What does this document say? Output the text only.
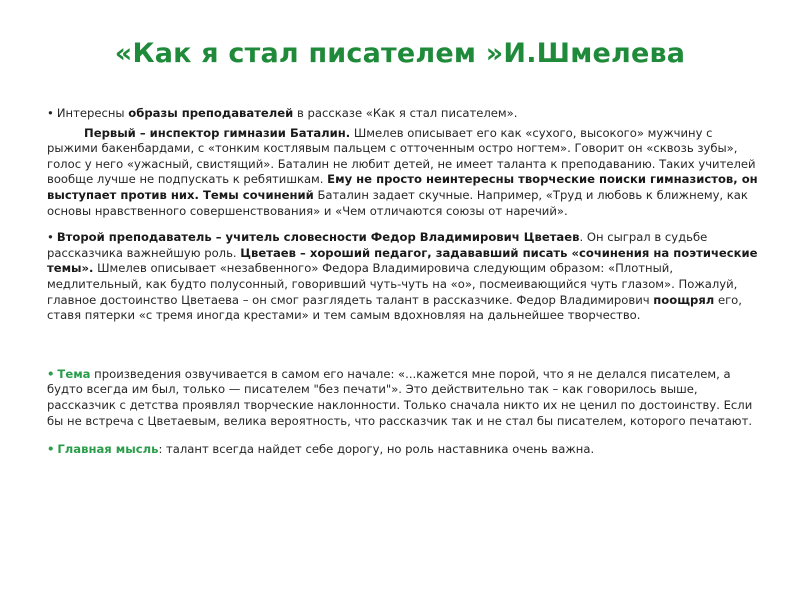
«Как я стал писателем »И.Шмелева

• Интересны образы преподавателей в рассказе «Как я стал писателем».

Первый – инспектор гимназии Баталин. Шмелев описывает его как «сухого, высокого» мужчину с рыжими бакенбардами, с «тонким костлявым пальцем с отточенным остро ногтем». Говорит он «сквозь зубы», голос у него «ужасный, свистящий». Баталин не любит детей, не имеет таланта к преподаванию. Таких учителей вообще лучше не подпускать к ребятишкам. Ему не просто неинтересны творческие поиски гимназистов, он выступает против них. Темы сочинений Баталин задает скучные. Например, «Труд и любовь к ближнему, как основы нравственного совершенствования» и «Чем отличаются союзы от наречий».

• Второй преподаватель – учитель словесности Федор Владимирович Цветаев. Он сыграл в судьбе рассказчика важнейшую роль. Цветаев – хороший педагог, задававший писать «сочинения на поэтические темы». Шмелев описывает «незабвенного» Федора Владимировича следующим образом: «Плотный, медлительный, как будто полусонный, говоривший чуть-чуть на «о», посмеивающийся чуть глазом». Пожалуй, главное достоинство Цветаева – он смог разглядеть талант в рассказчике. Федор Владимирович поощрял его, ставя пятерки «с тремя иногда крестами» и тем самым вдохновляя на дальнейшее творчество.

• Тема произведения озвучивается в самом его начале: «...кажется мне порой, что я не делался писателем, а будто всегда им был, только — писателем "без печати"». Это действительно так – как говорилось выше, рассказчик с детства проявлял творческие наклонности. Только сначала никто их не ценил по достоинству. Если бы не встреча с Цветаевым, велика вероятность, что рассказчик так и не стал бы писателем, которого печатают.

• Главная мысль: талант всегда найдет себе дорогу, но роль наставника очень важна.
